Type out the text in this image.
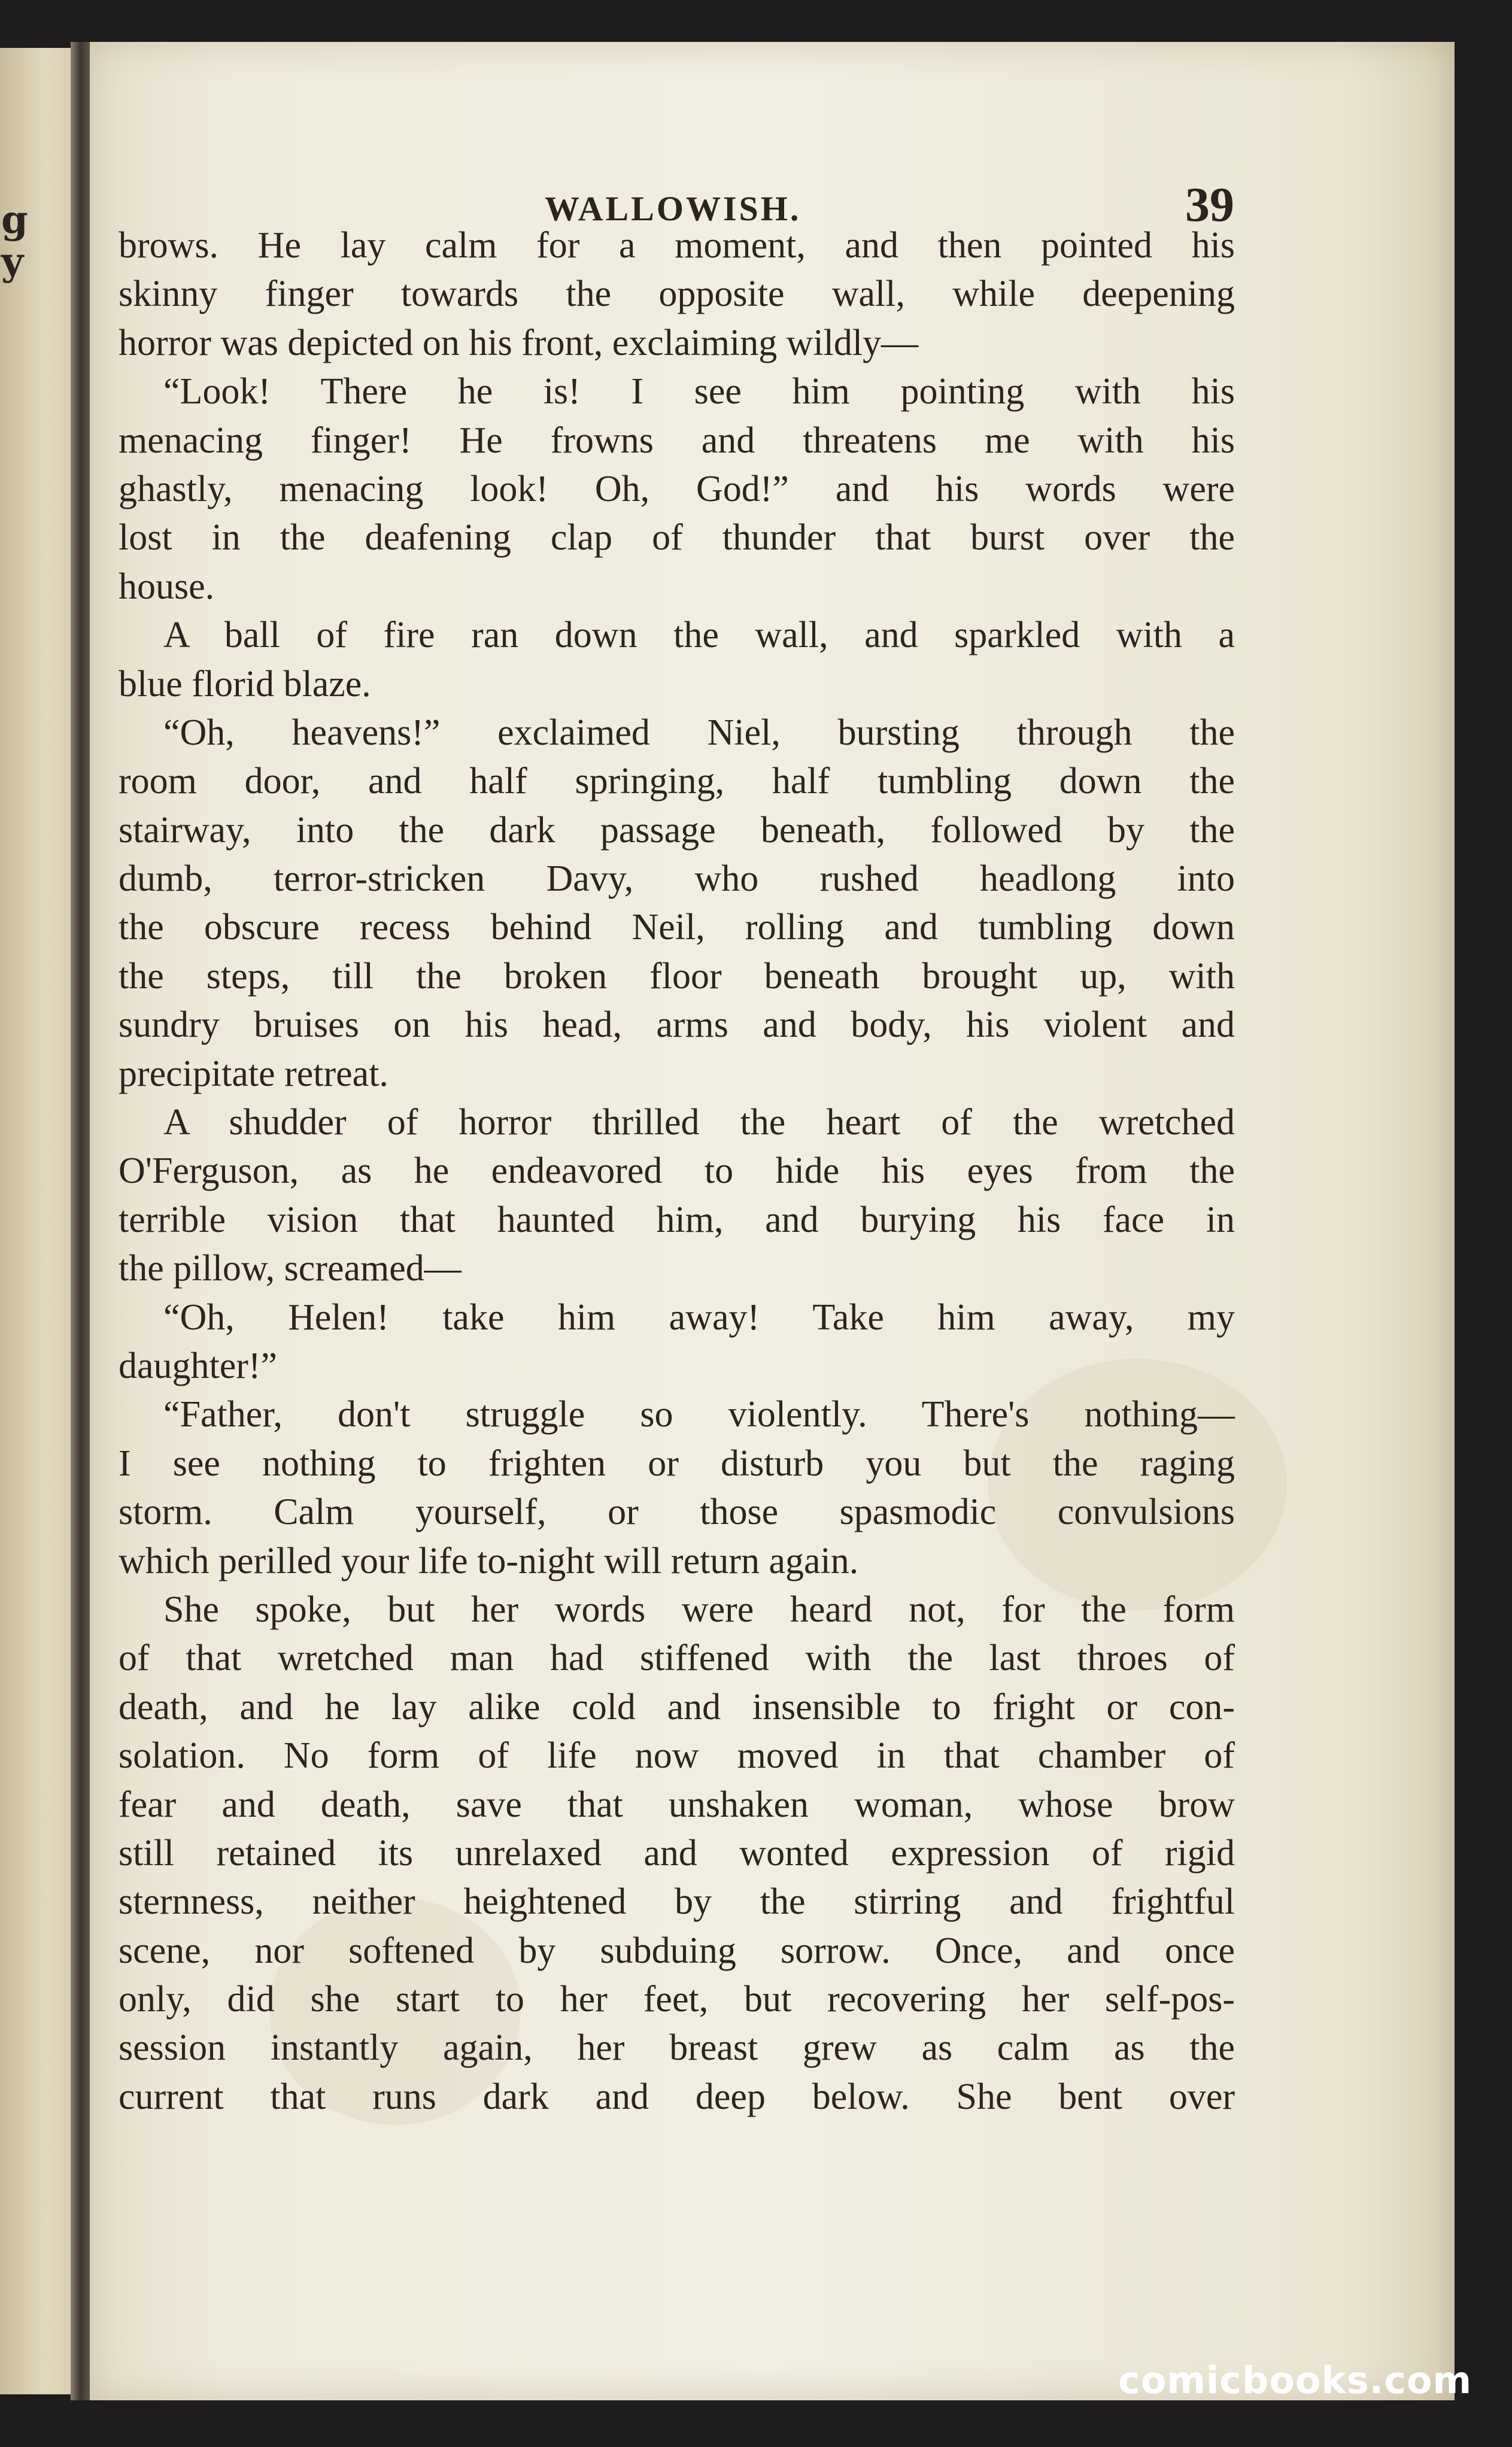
g
y
WALLOWISH.	39
brows. He lay calm for a moment, and then pointed his
skinny finger towards the opposite wall, while deepening
horror was depicted on his front, exclaiming wildly—
“Look! There he is! I see him pointing with his
menacing finger! He frowns and threatens me with his
ghastly, menacing look! Oh, God!” and his words were
lost in the deafening clap of thunder that burst over the
house.
A ball of fire ran down the wall, and sparkled with a
blue florid blaze.
“Oh, heavens!” exclaimed Niel, bursting through the
room door, and half springing, half tumbling down the
stairway, into the dark passage beneath, followed by the
dumb, terror-stricken Davy, who rushed headlong into
the obscure recess behind Neil, rolling and tumbling down
the steps, till the broken floor beneath brought up, with
sundry bruises on his head, arms and body, his violent and
precipitate retreat.
A shudder of horror thrilled the heart of the wretched
O'Ferguson, as he endeavored to hide his eyes from the
terrible vision that haunted him, and burying his face in
the pillow, screamed—
“Oh, Helen! take him away! Take him away, my
daughter!”
“Father, don't struggle so violently. There's nothing—
I see nothing to frighten or disturb you but the raging
storm. Calm yourself, or those spasmodic convulsions
which perilled your life to-night will return again.
She spoke, but her words were heard not, for the form
of that wretched man had stiffened with the last throes of
death, and he lay alike cold and insensible to fright or con-
solation. No form of life now moved in that chamber of
fear and death, save that unshaken woman, whose brow
still retained its unrelaxed and wonted expression of rigid
sternness, neither heightened by the stirring and frightful
scene, nor softened by subduing sorrow. Once, and once
only, did she start to her feet, but recovering her self-pos-
session instantly again, her breast grew as calm as the
current that runs dark and deep below. She bent over
comicbooks.com
